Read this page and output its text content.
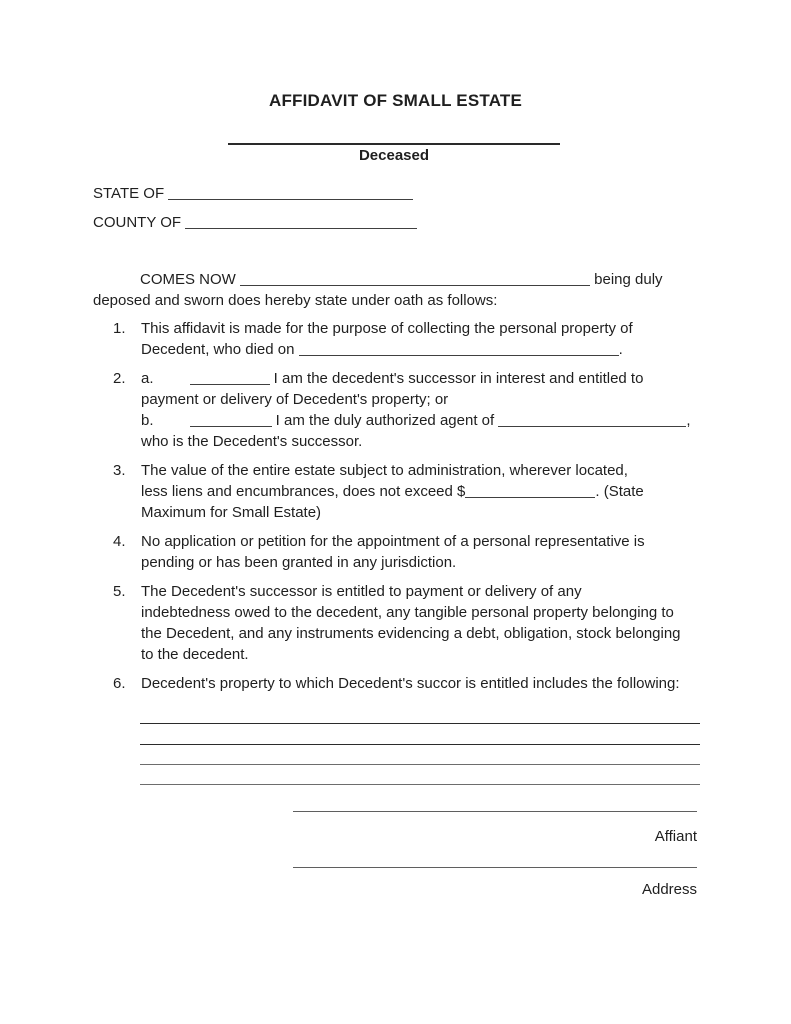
AFFIDAVIT OF SMALL ESTATE
Deceased
STATE OF
COUNTY OF
COMES NOW	being duly
deposed and sworn does hereby state under oath as follows:
1.	This affidavit is made for the purpose of collecting the personal property of
Decedent, who died on	.
2.	a.	I am the decedent's successor in interest and entitled to
payment or delivery of Decedent's property; or
b.	I am the duly authorized agent of	,
who is the Decedent's successor.
3.	The value of the entire estate subject to administration, wherever located,
less liens and encumbrances, does not exceed $	. (State
Maximum for Small Estate)
4.	No application or petition for the appointment of a personal representative is
pending or has been granted in any jurisdiction.
5.	The Decedent's successor is entitled to payment or delivery of any
indebtedness owed to the decedent, any tangible personal property belonging to
the Decedent, and any instruments evidencing a debt, obligation, stock belonging
to the decedent.
6.	Decedent's property to which Decedent's succor is entitled includes the following:
Affiant
Address
